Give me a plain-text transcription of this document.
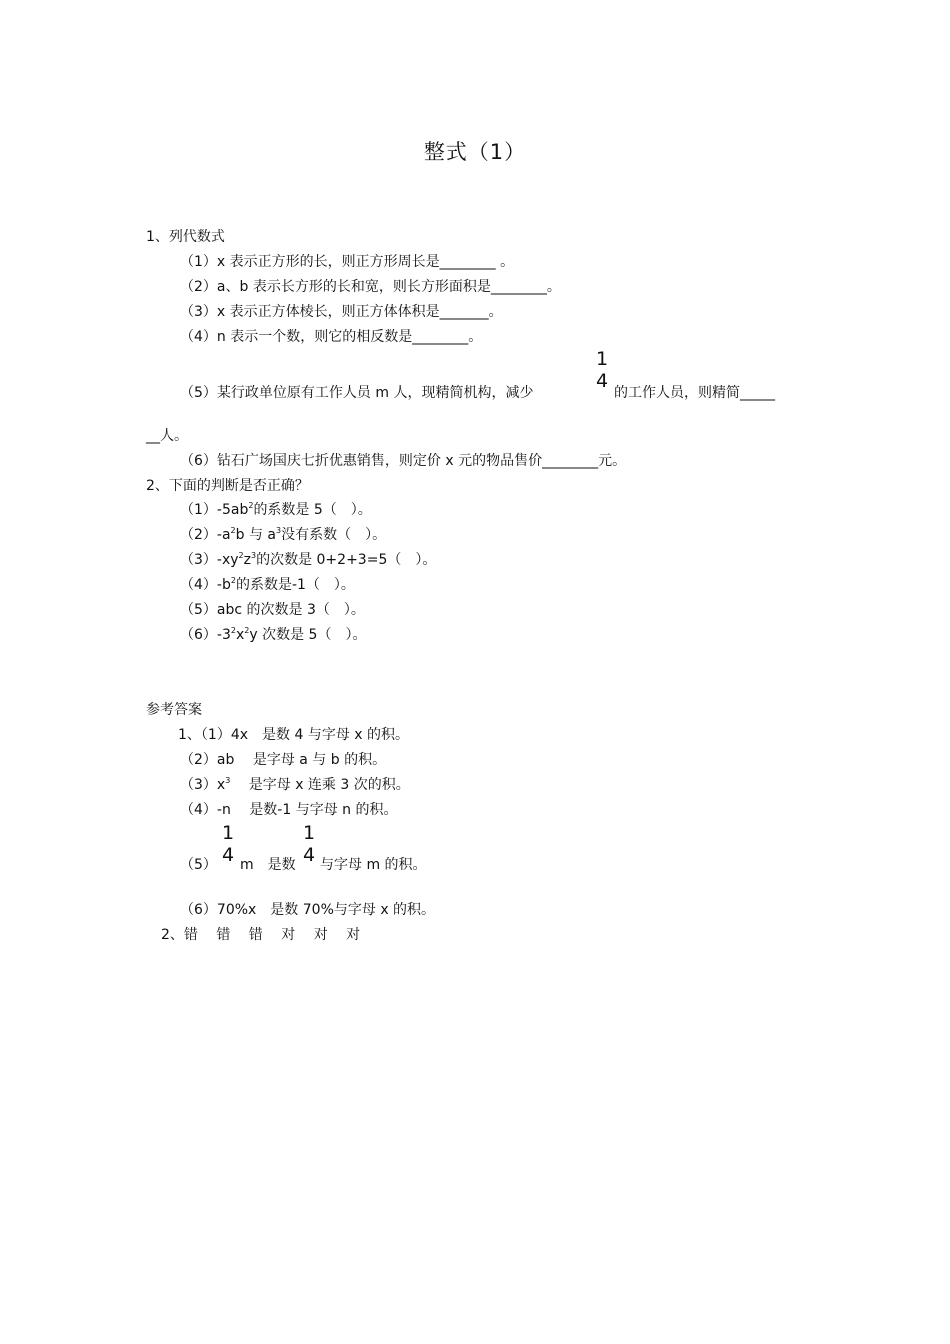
整式（1）
1、列代数式
（1）x 表示正方形的长，则正方形周长是________ 。
（2）a、b 表示长方形的长和宽，则长方形面积是________。
（3）x 表示正方体棱长，则正方体体积是_______。
（4）n 表示一个数，则它的相反数是________。
（5）某行政单位原有工作人员 m 人，现精简机构，减少
1
4
的工作人员，则精简_____
__人。
（6）钻石广场国庆七折优惠销售，则定价 x 元的物品售价________元。
2、下面的判断是否正确？
$(1)-5ab^2$的系数是 5（　）。
$(2)-a^2b$ 与 $a^3$没有系数（　）。
$(3)-xy^2z^3$的次数是 0+2+3=5（　）。
$(4)-b^2$的系数是-1（　）。
（5）abc 的次数是 3（　）。
$(6)-3^2x^2y$ 次数是 5（　）。
参考答案
1、（1）4x　是数 4 与字母 x 的积。
（2）ab　 是字母 a 与 b 的积。
$(3)x^3$　 是字母 x 连乘 3 次的积。
（4）-n　 是数-1 与字母 n 的积。
（5）
1
4 m　是数
1
4 与字母 m 的积。
（6）70%x　是数 70%与字母 x 的积。
2、错　 错　 错　 对　 对　 对
